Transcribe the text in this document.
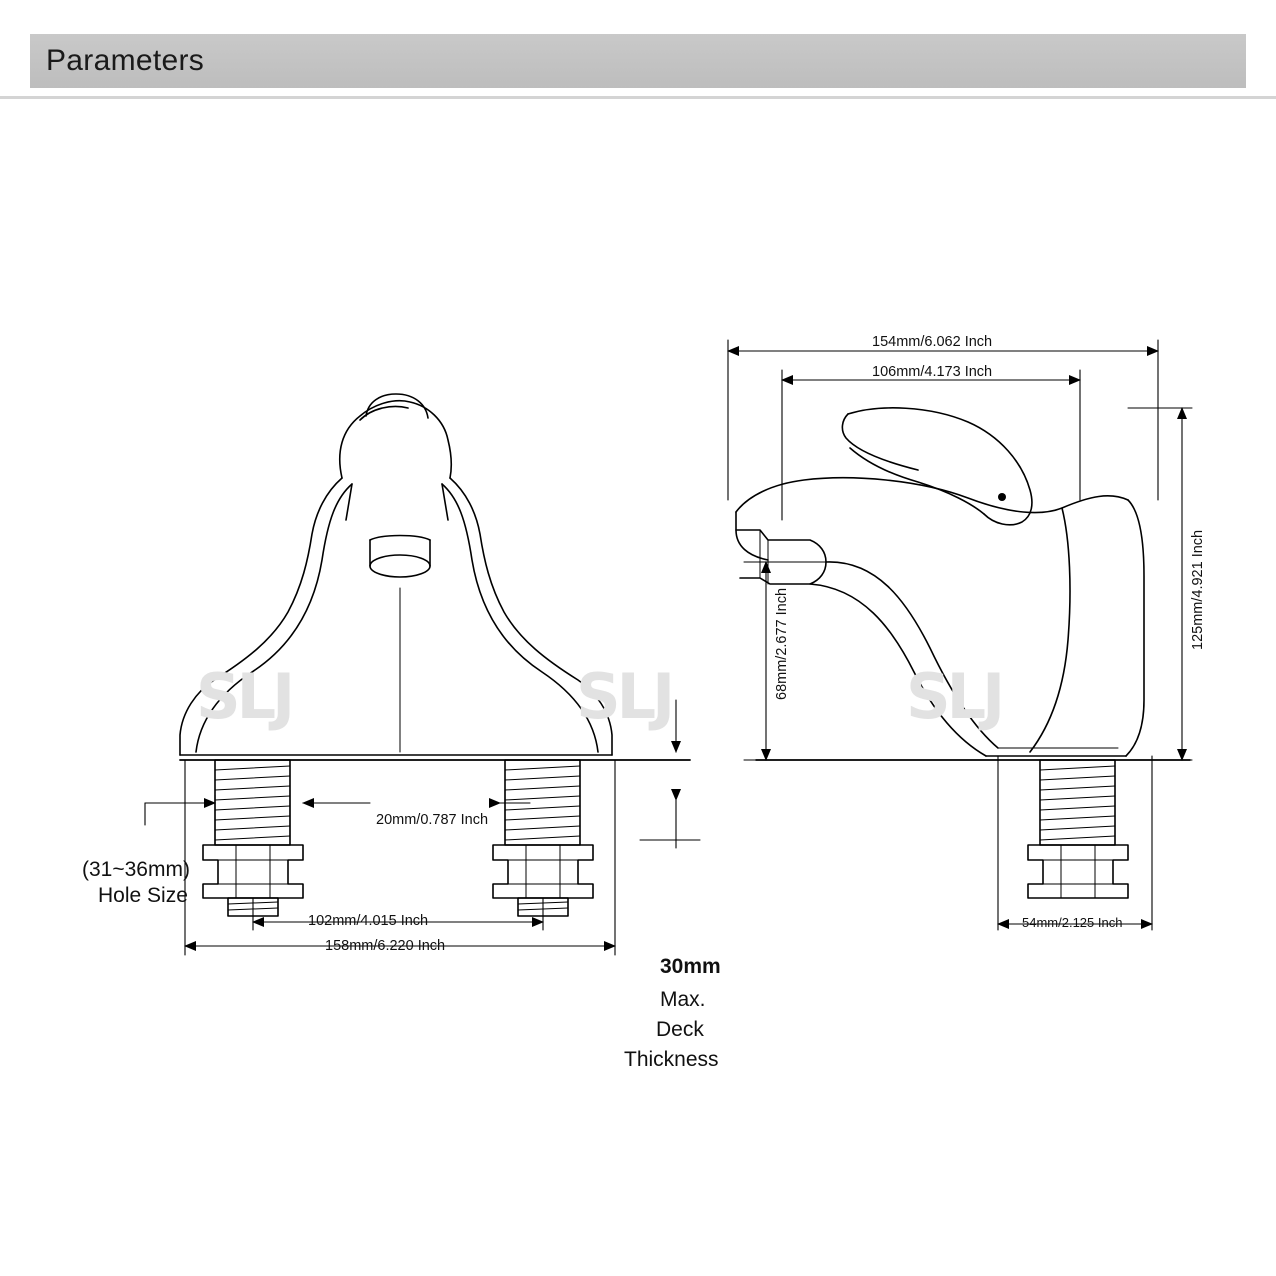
Parameters
SLJ	SLJ	SLJ
154mm/6.062 Inch
106mm/4.173 Inch
125mm/4.921 Inch
68mm/2.677 Inch
20mm/0.787 Inch
102mm/4.015 Inch
158mm/6.220 Inch
54mm/2.125 Inch
(31~36mm)
Hole Size
30mm
Max.
Deck
Thickness
